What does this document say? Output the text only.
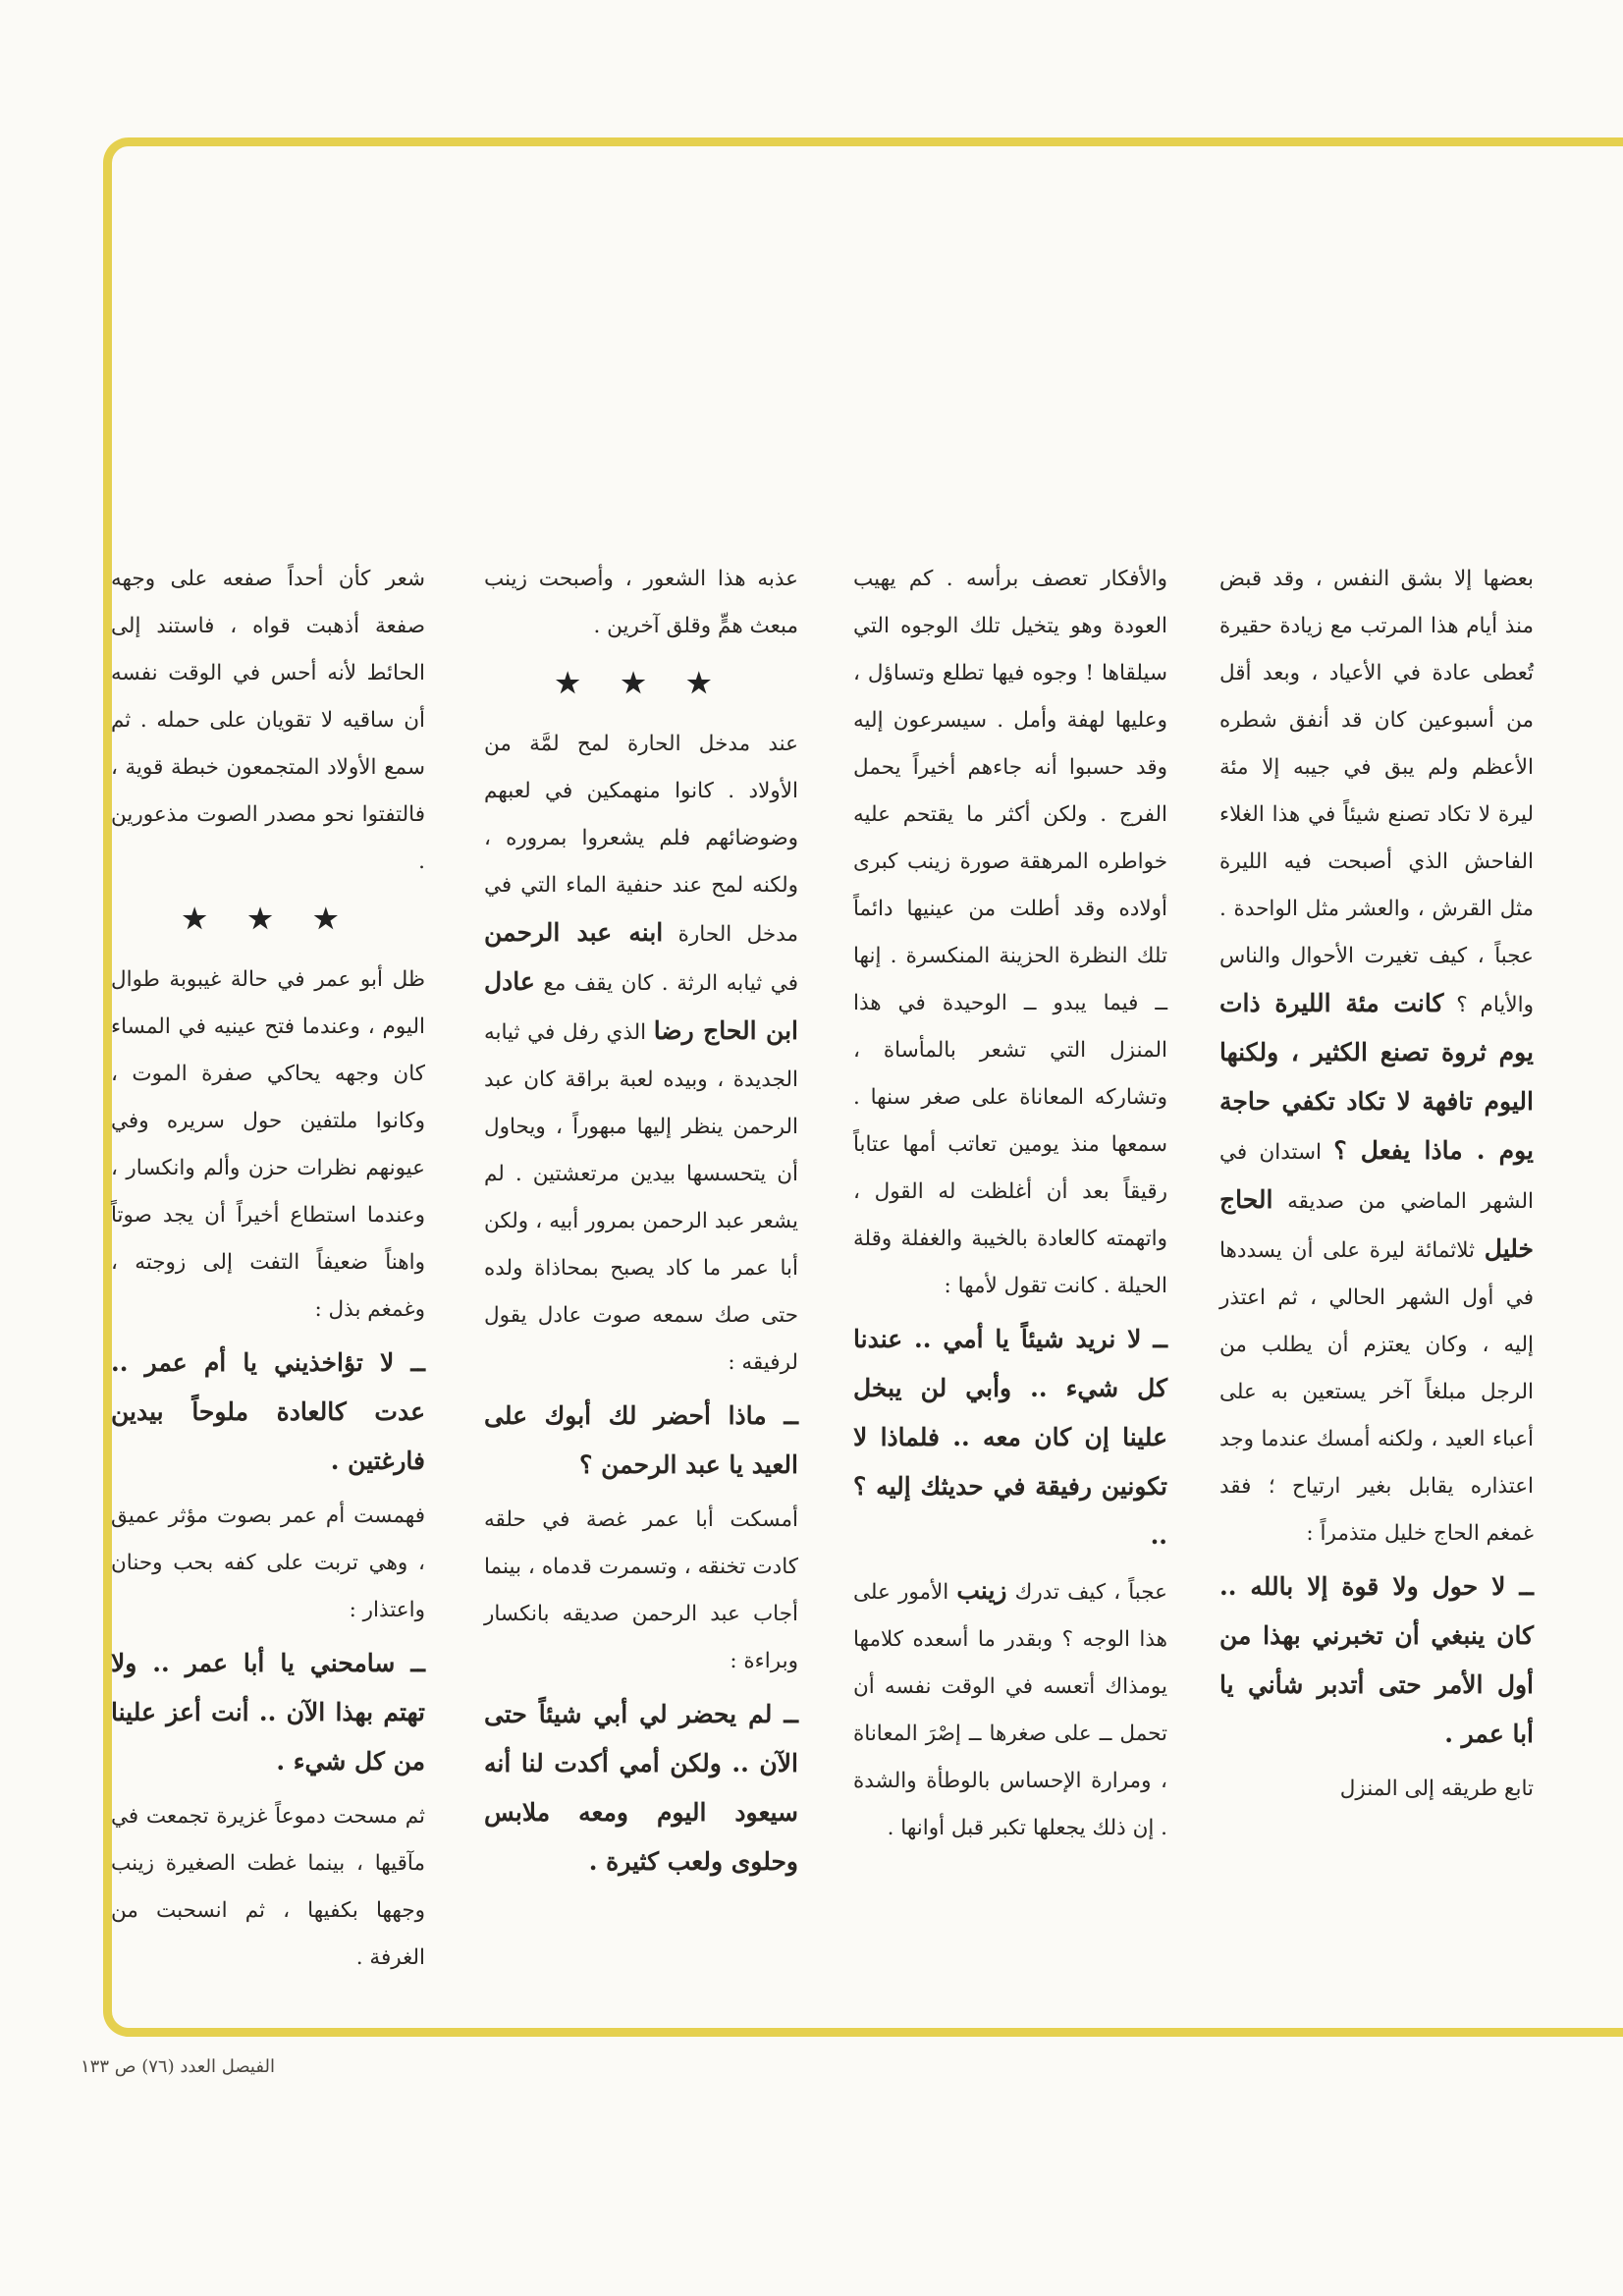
بعضها إلا بشق النفس ، وقد قبض منذ أيام هذا المرتب مع زيادة حقيرة تُعطى عادة في الأعياد ، وبعد أقل من أسبوعين كان قد أنفق شطره الأعظم ولم يبق في جيبه إلا مئة ليرة لا تكاد تصنع شيئاً في هذا الغلاء الفاحش الذي أصبحت فيه الليرة مثل القرش ، والعشر مثل الواحدة . عجباً ، كيف تغيرت الأحوال والناس والأيام ؟ كانت مئة الليرة ذات يوم ثروة تصنع الكثير ، ولكنها اليوم تافهة لا تكاد تكفي حاجة يوم . ماذا يفعل ؟ استدان في الشهر الماضي من صديقه الحاج خليل ثلاثمائة ليرة على أن يسددها في أول الشهر الحالي ، ثم اعتذر إليه ، وكان يعتزم أن يطلب من الرجل مبلغاً آخر يستعين به على أعباء العيد ، ولكنه أمسك عندما وجد اعتذاره يقابل بغير ارتياح ؛ فقد غمغم الحاج خليل متذمراً :

ــ لا حول ولا قوة إلا بالله .. كان ينبغي أن تخبرني بهذا من أول الأمر حتى أتدبر شأني يا أبا عمر .

تابع طريقه إلى المنزل

والأفكار تعصف برأسه . كم يهيب العودة وهو يتخيل تلك الوجوه التي سيلقاها ! وجوه فيها تطلع وتساؤل ، وعليها لهفة وأمل . سيسرعون إليه وقد حسبوا أنه جاءهم أخيراً يحمل الفرج . ولكن أكثر ما يقتحم عليه خواطره المرهقة صورة زينب كبرى أولاده وقد أطلت من عينيها دائماً تلك النظرة الحزينة المنكسرة . إنها ــ فيما يبدو ــ الوحيدة في هذا المنزل التي تشعر بالمأساة ، وتشاركه المعاناة على صغر سنها . سمعها منذ يومين تعاتب أمها عتاباً رقيقاً بعد أن أغلظت له القول ، واتهمته كالعادة بالخيبة والغفلة وقلة الحيلة . كانت تقول لأمها :

ــ لا نريد شيئاً يا أمي .. عندنا كل شيء .. وأبي لن يبخل علينا إن كان معه .. فلماذا لا تكونين رفيقة في حديثك إليه ؟ ..

عجباً ، كيف تدرك زينب الأمور على هذا الوجه ؟ وبقدر ما أسعده كلامها يومذاك أتعسه في الوقت نفسه أن تحمل ــ على صغرها ــ إصْرَ المعاناة ، ومرارة الإحساس بالوطأة والشدة . إن ذلك يجعلها تكبر قبل أوانها .

عذبه هذا الشعور ، وأصبحت زينب مبعث همٍّ وقلق آخرين .

★ ★ ★

عند مدخل الحارة لمح لمَّة من الأولاد . كانوا منهمكين في لعبهم وضوضائهم فلم يشعروا بمروره ، ولكنه لمح عند حنفية الماء التي في مدخل الحارة ابنه عبد الرحمن في ثيابه الرثة . كان يقف مع عادل ابن الحاج رضا الذي رفل في ثيابه الجديدة ، وبيده لعبة براقة كان عبد الرحمن ينظر إليها مبهوراً ، ويحاول أن يتحسسها بيدين مرتعشتين . لم يشعر عبد الرحمن بمرور أبيه ، ولكن أبا عمر ما كاد يصبح بمحاذاة ولده حتى صك سمعه صوت عادل يقول لرفيقه :

ــ ماذا أحضر لك أبوك على العيد يا عبد الرحمن ؟

أمسكت أبا عمر غصة في حلقه كادت تخنقه ، وتسمرت قدماه ، بينما أجاب عبد الرحمن صديقه بانكسار وبراءة :

ــ لم يحضر لي أبي شيئاً حتى الآن .. ولكن أمي أكدت لنا أنه سيعود اليوم ومعه ملابس وحلوى ولعب كثيرة .

شعر كأن أحداً صفعه على وجهه صفعة أذهبت قواه ، فاستند إلى الحائط لأنه أحس في الوقت نفسه أن ساقيه لا تقويان على حمله . ثم سمع الأولاد المتجمعون خبطة قوية ، فالتفتوا نحو مصدر الصوت مذعورين .

★ ★ ★

ظل أبو عمر في حالة غيبوبة طوال اليوم ، وعندما فتح عينيه في المساء كان وجهه يحاكي صفرة الموت ، وكانوا ملتفين حول سريره وفي عيونهم نظرات حزن وألم وانكسار ، وعندما استطاع أخيراً أن يجد صوتاً واهناً ضعيفاً التفت إلى زوجته ، وغمغم بذل :

ــ لا تؤاخذيني يا أم عمر .. عدت كالعادة ملوحاً بيدين فارغتين .

فهمست أم عمر بصوت مؤثر عميق ، وهي تربت على كفه بحب وحنان واعتذار :

ــ سامحني يا أبا عمر .. ولا تهتم بهذا الآن .. أنت أعز علينا من كل شيء .

ثم مسحت دموعاً غزيرة تجمعت في مآقيها ، بينما غطت الصغيرة زينب وجهها بكفيها ، ثم انسحبت من الغرفة .

الفيصل العدد (٧٦) ص ١٣٣
